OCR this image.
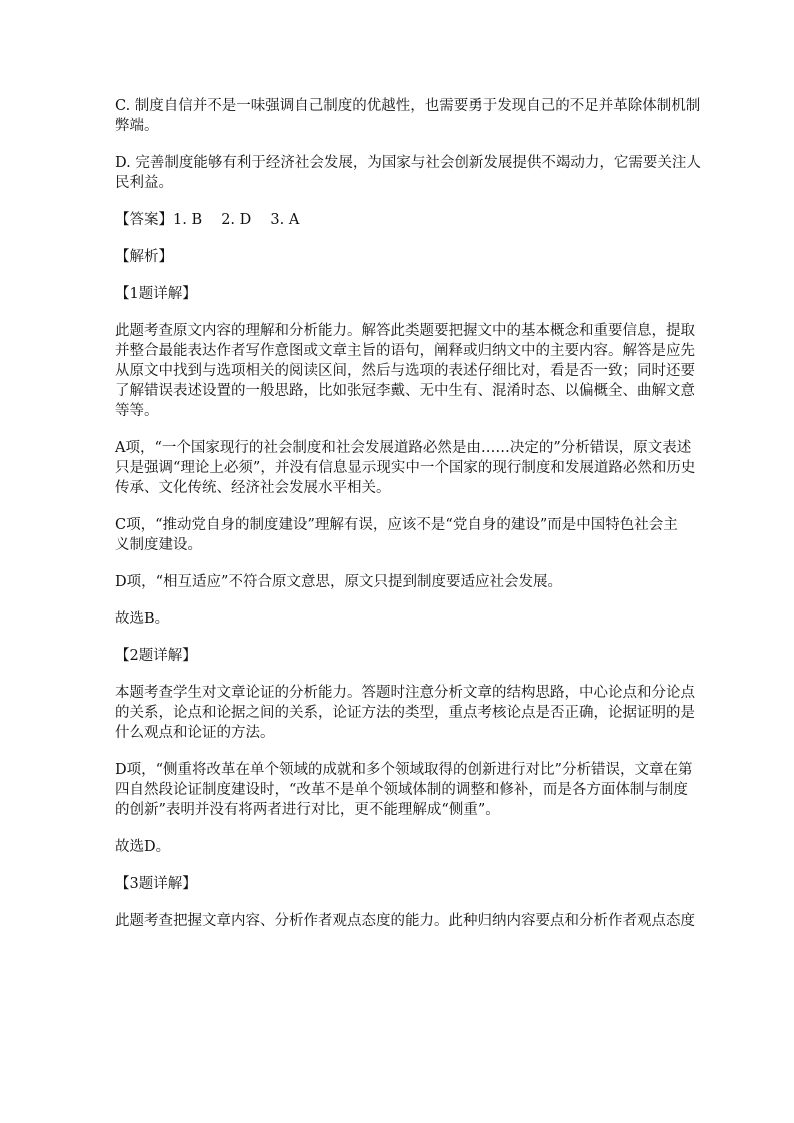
C. 制度自信并不是一味强调自己制度的优越性，也需要勇于发现自己的不足并革除体制机制
弊端。
D. 完善制度能够有利于经济社会发展，为国家与社会创新发展提供不竭动力，它需要关注人
民利益。
【答案】1. B　 2. D　 3. A
【解析】
【1题详解】
此题考查原文内容的理解和分析能力。解答此类题要把握文中的基本概念和重要信息，提取
并整合最能表达作者写作意图或文章主旨的语句，阐释或归纳文中的主要内容。解答是应先
从原文中找到与选项相关的阅读区间，然后与选项的表述仔细比对，看是否一致；同时还要
了解错误表述设置的一般思路，比如张冠李戴、无中生有、混淆时态、以偏概全、曲解文意
等等。
A项，“一个国家现行的社会制度和社会发展道路必然是由……决定的”分析错误，原文表述
只是强调“理论上必须”，并没有信息显示现实中一个国家的现行制度和发展道路必然和历史
传承、文化传统、经济社会发展水平相关。
C项，“推动党自身的制度建设”理解有误，应该不是“党自身的建设”而是中国特色社会主
义制度建设。
D项，“相互适应”不符合原文意思，原文只提到制度要适应社会发展。
故选B。
【2题详解】
本题考查学生对文章论证的分析能力。答题时注意分析文章的结构思路，中心论点和分论点
的关系，论点和论据之间的关系，论证方法的类型，重点考核论点是否正确，论据证明的是
什么观点和论证的方法。
D项，“侧重将改革在单个领域的成就和多个领域取得的创新进行对比”分析错误，文章在第
四自然段论证制度建设时，“改革不是单个领域体制的调整和修补，而是各方面体制与制度
的创新”表明并没有将两者进行对比，更不能理解成“侧重”。
故选D。
【3题详解】
此题考查把握文章内容、分析作者观点态度的能力。此种归纳内容要点和分析作者观点态度
